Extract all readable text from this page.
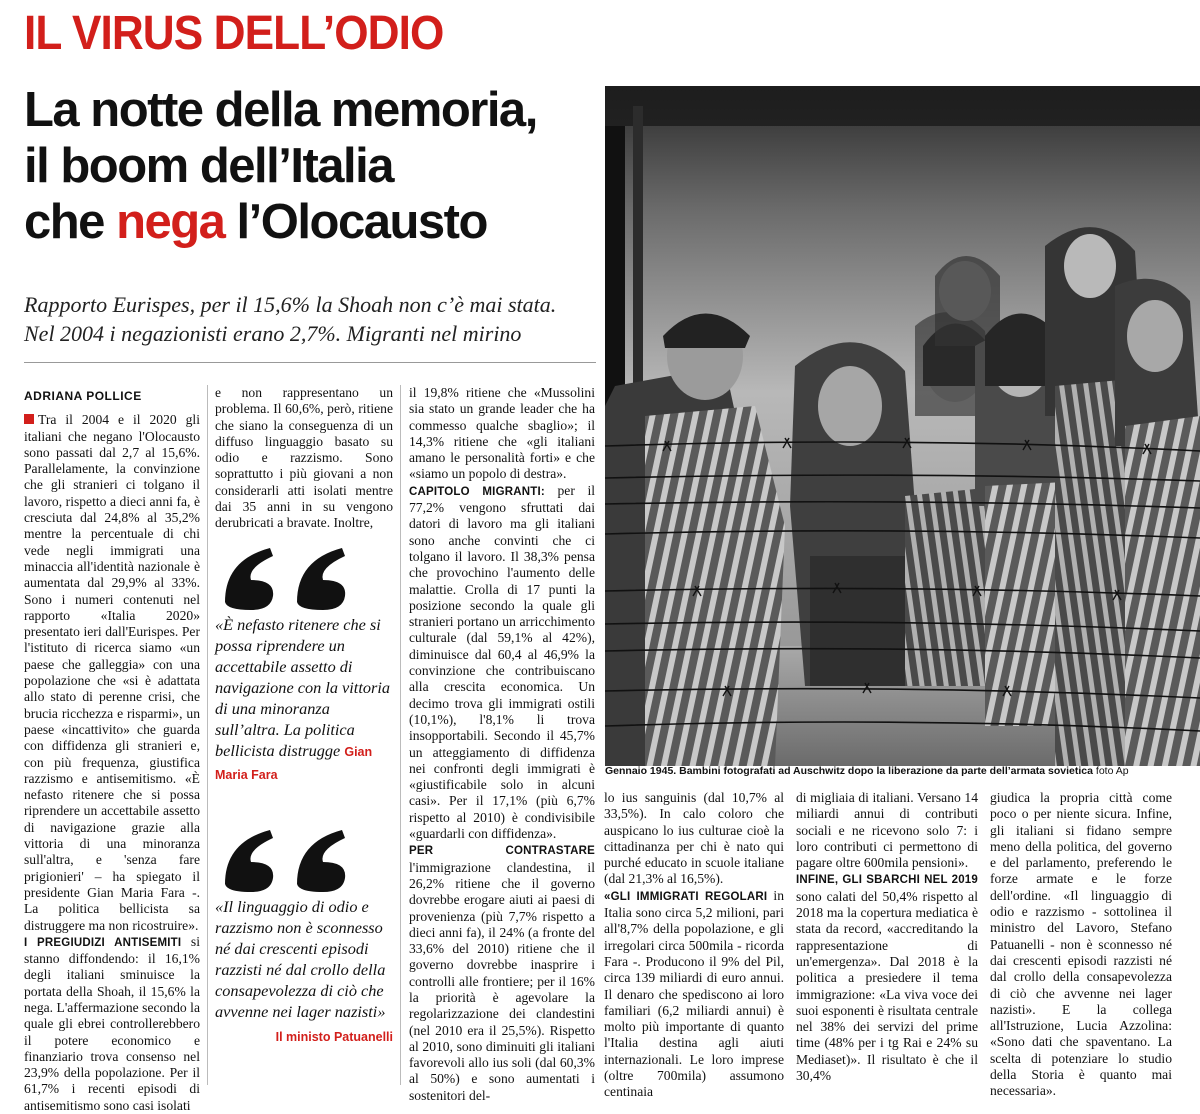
IL VIRUS DELL’ODIO
La notte della memoria,
il boom dell’Italia
che nega l’Olocausto
Rapporto Eurispes, per il 15,6% la Shoah non c’è mai stata.
Nel 2004 i negazionisti erano 2,7%. Migranti nel mirino
Gennaio 1945. Bambini fotografati ad Auschwitz dopo la liberazione da parte dell’armata sovietica foto Ap
ADRIANA POLLICE

Tra il 2004 e il 2020 gli italiani che negano l'Olocausto sono passati dal 2,7 al 15,6%. Parallelamente, la convinzione che gli stranieri ci tolgano il lavoro, rispetto a dieci anni fa, è cresciuta dal 24,8% al 35,2% mentre la percentuale di chi vede negli immigrati una minaccia all'identità nazionale è aumentata dal 29,9% al 33%. Sono i numeri contenuti nel rapporto «Italia 2020» presentato ieri dall'Eurispes. Per l'istituto di ricerca siamo «un paese che galleggia» con una popolazione che «si è adattata allo stato di perenne crisi, che brucia ricchezza e risparmi», un paese «incattivito» che guarda con diffidenza gli stranieri e, con più frequenza, giustifica razzismo e antisemitismo. «È nefasto ritenere che si possa riprendere un accettabile assetto di navigazione grazie alla vittoria di una minoranza sull'altra, e 'senza fare prigionieri' – ha spiegato il presidente Gian Maria Fara -. La politica bellicista sa distruggere ma non ricostruire».

I PREGIUDIZI ANTISEMITI si stanno diffondendo: il 16,1% degli italiani sminuisce la portata della Shoah, il 15,6% la nega. L'affermazione secondo la quale gli ebrei controllerebbero il potere economico e finanziario trova consenso nel 23,9% della popolazione. Per il 61,7% i recenti episodi di antisemitismo sono casi isolati

e non rappresentano un problema. Il 60,6%, però, ritiene che siano la conseguenza di un diffuso linguaggio basato su odio e razzismo. Sono soprattutto i più giovani a non considerarli atti isolati mentre dai 35 anni in su vengono derubricati a bravate. Inoltre,

«È nefasto ritenere che si possa riprendere un accettabile assetto di navigazione con la vittoria di una minoranza sull’altra. La politica bellicista distrugge Gian Maria Fara
«Il linguaggio di odio e razzismo non è sconnesso né dai crescenti episodi razzisti né dal crollo della consapevolezza di ciò che avvenne nei lager nazisti»
Il ministo Patuanelli

il 19,8% ritiene che «Mussolini sia stato un grande leader che ha commesso qualche sbaglio»; il 14,3% ritiene che «gli italiani amano le personalità forti» e che «siamo un popolo di destra».

CAPITOLO MIGRANTI: per il 77,2% vengono sfruttati dai datori di lavoro ma gli italiani sono anche convinti che ci tolgano il lavoro. Il 38,3% pensa che provochino l'aumento delle malattie. Crolla di 17 punti la posizione secondo la quale gli stranieri portano un arricchimento culturale (dal 59,1% al 42%), diminuisce dal 60,4 al 46,9% la convinzione che contribuiscano alla crescita economica. Un decimo trova gli immigrati ostili (10,1%), l'8,1% li trova insopportabili. Secondo il 45,7% un atteggiamento di diffidenza nei confronti degli immigrati è «giustificabile solo in alcuni casi». Per il 17,1% (più 6,7% rispetto al 2010) è condivisibile «guardarli con diffidenza».

PER CONTRASTARE l'immigrazione clandestina, il 26,2% ritiene che il governo dovrebbe erogare aiuti ai paesi di provenienza (più 7,7% rispetto a dieci anni fa), il 24% (a fronte del 33,6% del 2010) ritiene che il governo dovrebbe inasprire i controlli alle frontiere; per il 16% la priorità è agevolare la regolarizzazione dei clandestini (nel 2010 era il 25,5%). Rispetto al 2010, sono diminuiti gli italiani favorevoli allo ius soli (dal 60,3% al 50%) e sono aumentati i sostenitori del-

lo ius sanguinis (dal 10,7% al 33,5%). In calo coloro che auspicano lo ius culturae cioè la cittadinanza per chi è nato qui purché educato in scuole italiane (dal 21,3% al 16,5%).

«GLI IMMIGRATI REGOLARI in Italia sono circa 5,2 milioni, pari all'8,7% della popolazione, e gli irregolari circa 500mila - ricorda Fara -. Producono il 9% del Pil, circa 139 miliardi di euro annui. Il denaro che spediscono ai loro familiari (6,2 miliardi annui) è molto più importante di quanto l'Italia destina agli aiuti internazionali. Le loro imprese (oltre 700mila) assumono centinaia

di migliaia di italiani. Versano 14 miliardi annui di contributi sociali e ne ricevono solo 7: i loro contributi ci permettono di pagare oltre 600mila pensioni».

INFINE, GLI SBARCHI NEL 2019 sono calati del 50,4% rispetto al 2018 ma la copertura mediatica è stata da record, «accreditando la rappresentazione di un'emergenza». Dal 2018 è la politica a presiedere il tema immigrazione: «La viva voce dei suoi esponenti è risultata centrale nel 38% dei servizi del prime time (48% per i tg Rai e 24% su Mediaset)». Il risultato è che il 30,4%

giudica la propria città come poco o per niente sicura. Infine, gli italiani si fidano sempre meno della politica, del governo e del parlamento, preferendo le forze armate e le forze dell'ordine. «Il linguaggio di odio e razzismo - sottolinea il ministro del Lavoro, Stefano Patuanelli - non è sconnesso né dai crescenti episodi razzisti né dal crollo della consapevolezza di ciò che avvenne nei lager nazisti». E la collega all'Istruzione, Lucia Azzolina: «Sono dati che spaventano. La scelta di potenziare lo studio della Storia è quanto mai necessaria».
